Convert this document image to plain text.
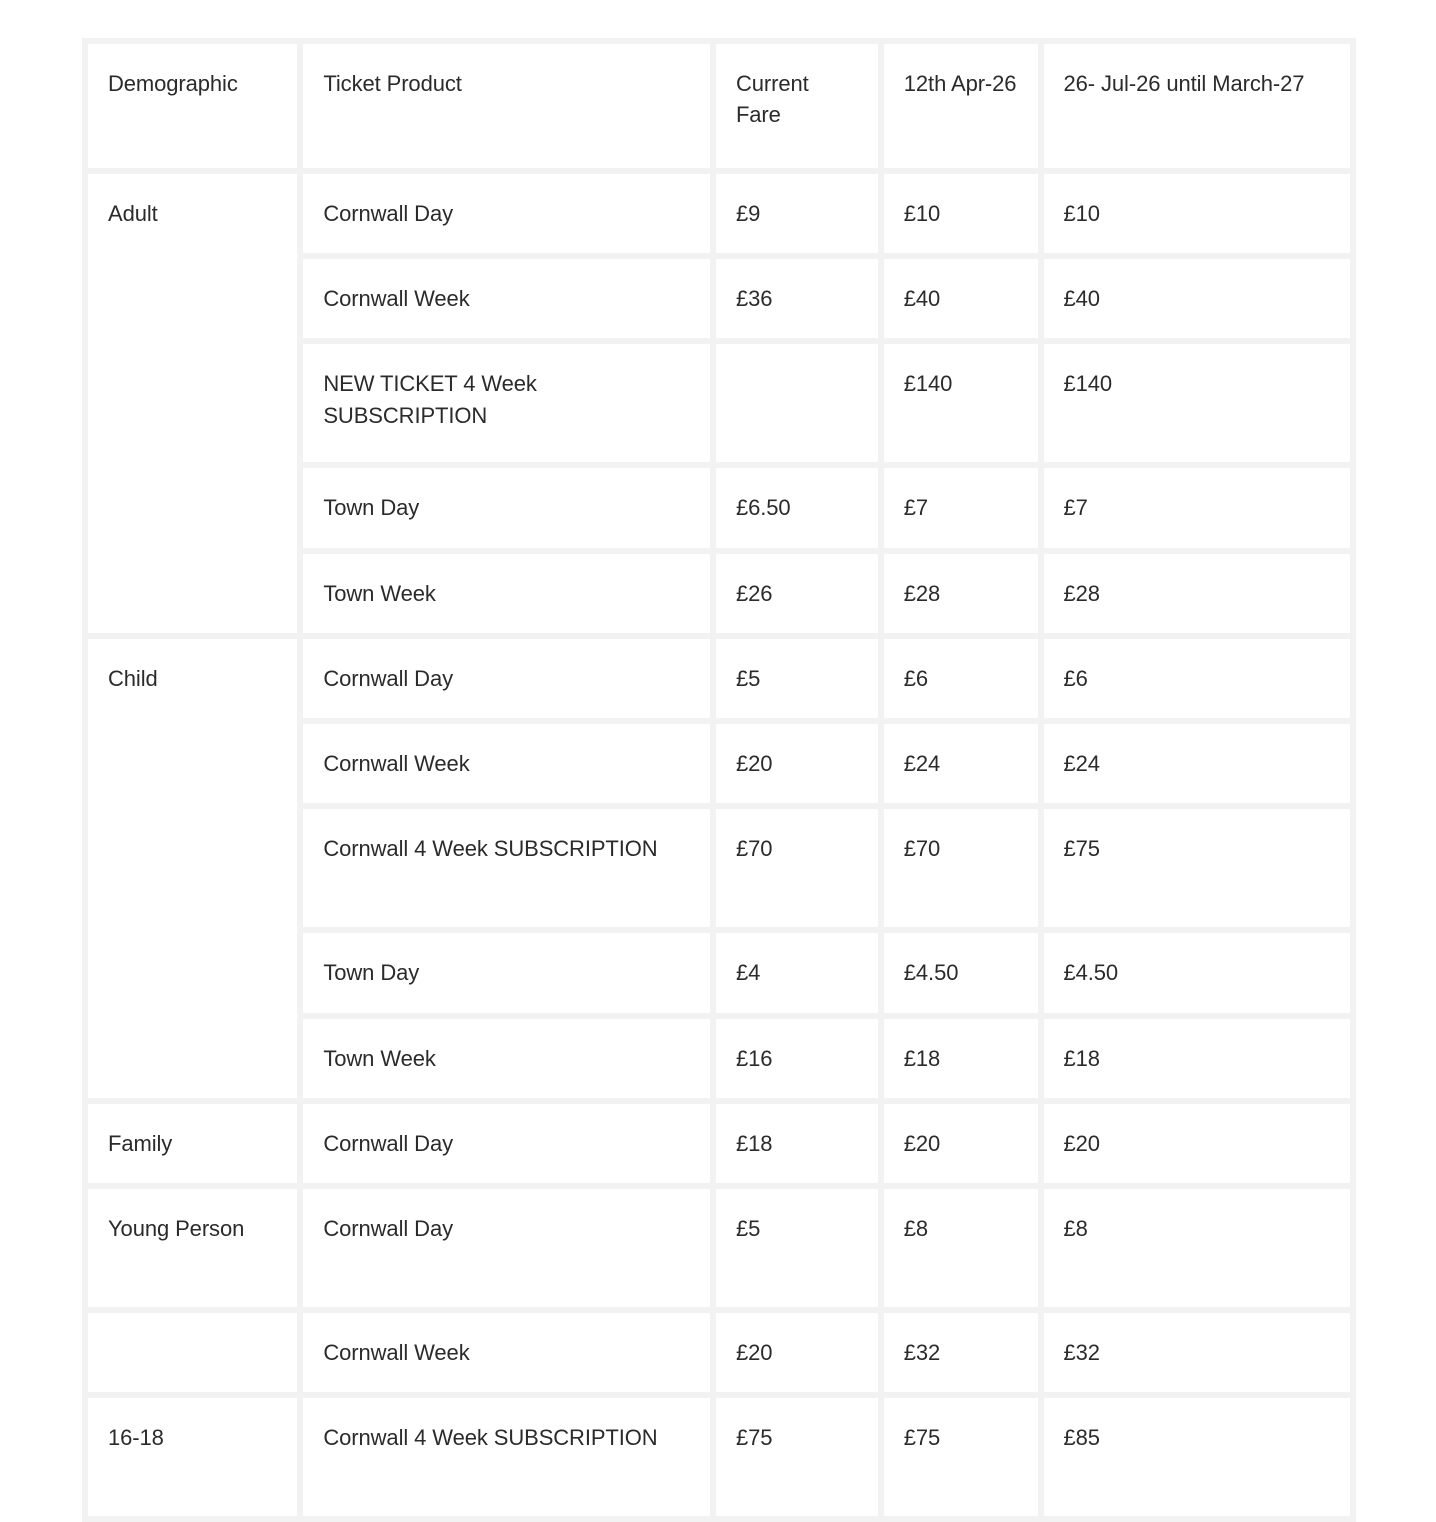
Demographic	Ticket Product	Current Fare	12th Apr-26	26- Jul-26 until March-27
Adult	Cornwall Day	£9	£10	£10
	Cornwall Week	£36	£40	£40
	NEW TICKET 4 Week SUBSCRIPTION		£140	£140
	Town Day	£6.50	£7	£7
	Town Week	£26	£28	£28
Child	Cornwall Day	£5	£6	£6
	Cornwall Week	£20	£24	£24
	Cornwall 4 Week SUBSCRIPTION	£70	£70	£75
	Town Day	£4	£4.50	£4.50
	Town Week	£16	£18	£18
Family	Cornwall Day	£18	£20	£20
Young Person	Cornwall Day	£5	£8	£8
	Cornwall Week	£20	£32	£32
16-18	Cornwall 4 Week SUBSCRIPTION	£75	£75	£85
